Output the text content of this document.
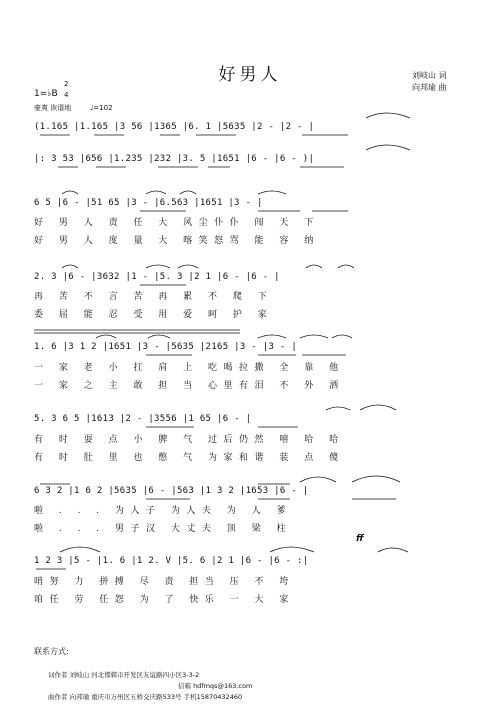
好男人	刘岐山 词
向邦瑜 曲
1=♭B
2
4
豪爽 诙谐地	♩=102
(1.165 |1.165 |3 56 |1365 |6. 1 |5635 |2 - |2 - |
|: 3 53 |656 |1.235 |232 |3. 5 |1651 |6 - |6 - )|
6 5 |6 - |51 65 |3 - |6.563 |1651 |3 - |
好 男 人 责 任 大 风尘仆仆 闯 天 下
好 男 人 度 量 大 喀笑怒骂 能 容 纳
2. 3 |6 - |3632 |1 - |5. 3 |2 1 |6 - |6 - |
再 苦 不 言 苦 再 累 不 爬 下
委 屈 能 忍 受 用 爱 呵 护 家
1. 6 |3 1 2 |1651 |3 - |5635 |2165 |3 - |3 - |
一 家 老 小 扛 肩 上 吃喝拉撒 全 靠 他
一 家 之 主 敢 担 当 心里有泪 不 外 洒
5. 3 6 5 |1613 |2 - |3556 |1 65 |6 - |
有 时 耍 点 小 脾 气 过后仍然 嘻 哈 哈
有 时 肚 里 也 憋 气 为家和谐 装 点 傻
6 3 2 |1 6 2 |5635 |6 - |563 |1 3 2 |1653 |6 - |
啦 . . . 为人子 为人夫 为 人 爹
啦 . . . 男子汉 大丈夫 顶 梁 柱
ff
1 2 3 |5 - |1. 6 |1 2. V |5. 6 |2 1 |6 - |6 - :|
哨努 力 拼搏 尽 责 担当 压 不 垮
咱任 劳 任怨 为 了 快乐 一 大 家
联系方式:
词作者 刘岐山 河北邯郸市开发区友谊路四小区3-3-2
信箱 hdfmqs@163.com
曲作者 向邦瑜 重庆市万州区五桥交庆路533号 手机15870432460
